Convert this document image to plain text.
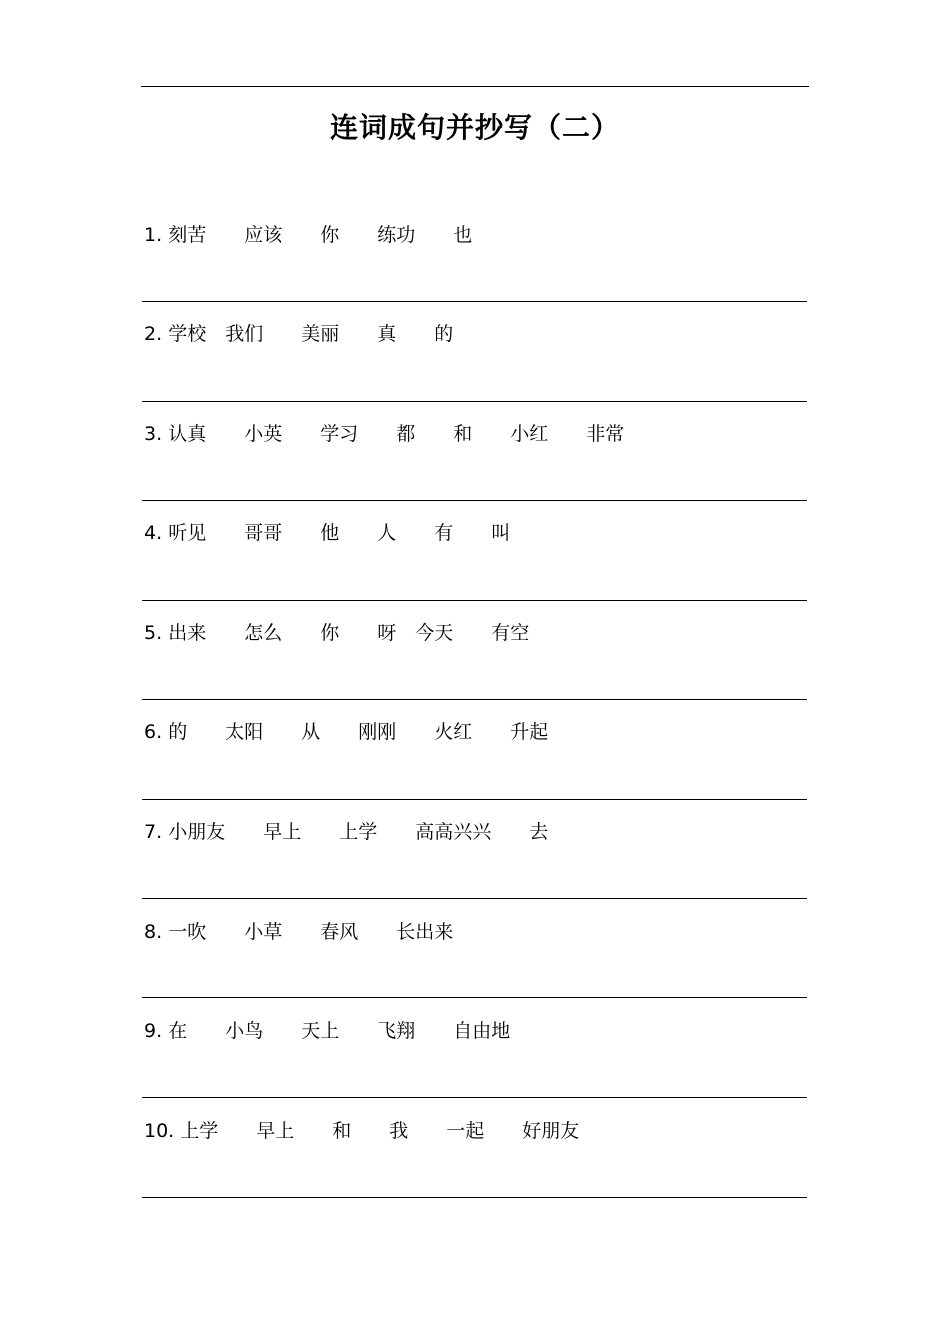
连词成句并抄写（二）
1. 刻苦　　应该　　你　　练功　　也
2. 学校　我们　　美丽　　真　　的
3. 认真　　小英　　学习　　都　　和　　小红　　非常
4. 听见　　哥哥　　他　　人　　有　　叫
5. 出来　　怎么　　你　　呀　今天　　有空
6. 的　　太阳　　从　　刚刚　　火红　　升起
7. 小朋友　　早上　　上学　　高高兴兴　　去
8. 一吹　　小草　　春风　　长出来
9. 在　　小鸟　　天上　　飞翔　　自由地
10. 上学　　早上　　和　　我　　一起　　好朋友
